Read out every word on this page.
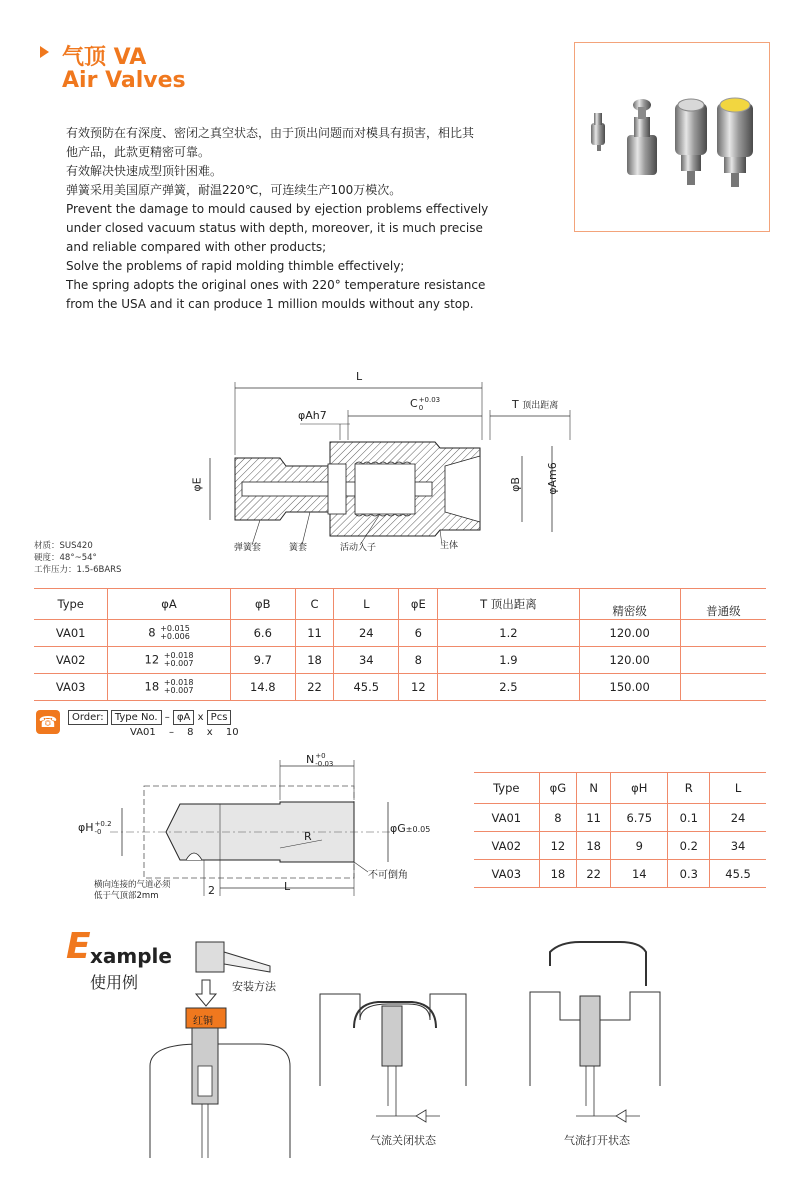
气顶 VA
Air Valves
有效预防在有深度、密闭之真空状态，由于顶出问题而对模具有损害，相比其
他产品，此款更精密可靠。
有效解决快速成型顶针困难。
弹簧采用美国原产弹簧，耐温220℃，可连续生产100万模次。
Prevent the damage to mould caused by ejection problems effectively
under closed vacuum status with depth, moreover, it is much precise
and reliable compared with other products;
Solve the problems of rapid molding thimble effectively;
The spring adopts the original ones with 220° temperature resistance
from the USA and it can produce 1 million moulds without any stop.
L
C+0.03
0
φAh7
T 顶出距离
φE	φB φAm6
弹簧套	簧套	活动入子	主体
材质：SUS420
硬度：48°~54°
工作压力：1.5-6BARS
Type	φA	φB	C	L	φE	T 顶出距离	精密级	普通级
VA01	8 +0.015
+0.006	6.6	11	24	6	1.2	120.00	
VA02	12 +0.018
+0.007	9.7	18	34	8	1.9	120.00	
VA03	18 +0.018
+0.007	14.8	22	45.5	12	2.5	150.00	
☎	Order: Type No. – φA x Pcs
VA01 – 8 x 10
N+0
-0.03
φH+0.2
-0	R
φG±0.05
不可倒角
横向连接的气道必须
低于气顶部2mm	2	L
Type	φG	N	φH	R	L
VA01	8	11	6.75	0.1	24
VA02	12	18	9	0.2	34
VA03	18	22	14	0.3	45.5
E xample
使用例	安装方法
红铜
气流关闭状态	气流打开状态
